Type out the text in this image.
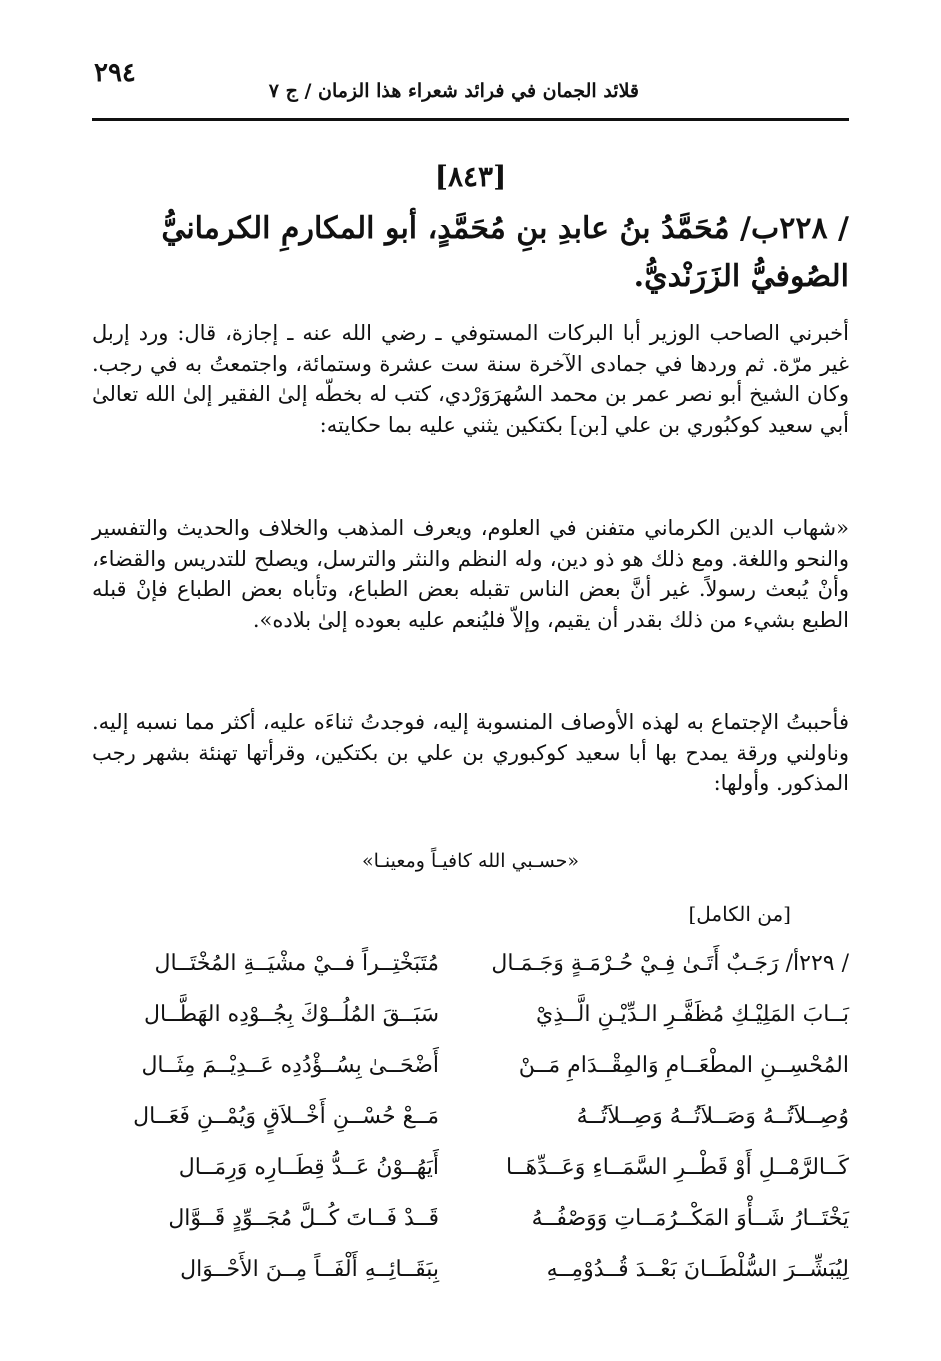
قلائد الجمان في فرائد شعراء هذا الزمان / ج ٧
٢٩٤
[٨٤٣]
/ ٢٢٨ب/ مُحَمَّدُ بنُ عابدِ بنِ مُحَمَّدٍ، أبو المكارمِ الكرمانيُّ
الصُوفيُّ الزَرَنْديُّ.
أخبرني الصاحب الوزير أبا البركات المستوفي ـ رضي الله عنه ـ إجازة، قال: ورد إربل غير مرّة. ثم وردها في جمادى الآخرة سنة ست عشرة وستمائة، واجتمعتُ به في رجب. وكان الشيخ أبو نصر عمر بن محمد السُهرَوَرْدي، كتب له بخطّه إلىٰ الفقير إلىٰ الله تعالىٰ أبي سعيد كوكبُوري بن علي [بن] بكتكين يثني عليه بما حكايته:
«شهاب الدين الكرماني متفنن في العلوم، ويعرف المذهب والخلاف والحديث والتفسير والنحو واللغة. ومع ذلك هو ذو دين، وله النظم والنثر والترسل، ويصلح للتدريس والقضاء، وأنْ يُبعث رسولاً. غير أنَّ بعض الناس تقبله بعض الطباع، وتأباه بعض الطباع فإنْ قبله الطبع بشيء من ذلك بقدر أن يقيم، وإلاّ فليُنعم عليه بعوده إلىٰ بلاده».
فأحببتُ الإجتماع به لهذه الأوصاف المنسوبة إليه، فوجدتُ ثناءَه عليه، أكثر مما نسبه إليه. وناولني ورقة يمدح بها أبا سعيد كوكبوري بن علي بن بكتكين، وقرأتها تهنئة بشهر رجب المذكور. وأولها:
«حسـبي الله كافيـاً ومعينـا»
[من الكامل]
/ ٢٢٩أ/ رَجَـبٌ أَتَـىٰ فِـيْ حُـرْمَـةٍ وَجَـمَـال
مُتَبَخْتِــراً فــيْ مشْيَــةِ المُخْتَــال
بَــابَ المَلِيْـكِ مُظَفَّـرِ الـدِّيْـنِ الَّــذِيْ
سَبَــقَ المُلُــوْكَ بِجُــوْدِه الهَطَّــال
المُحْسِــنِ المطْعَــامِ وَالمِقْــدَامِ مَــنْ
أَضْحَــىٰ بِسُــؤْدُدِه عَــدِيْــمَ مِثَــال
وُصِــلاَتُــهُ وَصَــلاَتُــهُ وَصِــلاَتُــهُ
مَــعْ حُسْــنِ أَخْــلاَقٍ وَيُمْــنِ فَعَــال
كَــالرَّمْــلِ أَوْ قَطْــرِ السَّمَــاءِ وَعَــدِّهَــا
أَيَهُــوْنُ عَــدُّ قِطَــارِه وَرِمَــال
يَخْتَــارُ شَــأْوَ المَكْــرُمَــاتِ وَوَصْفُــهُ
قَــدْ فَــاتَ كُــلَّ مُجَــوِّدٍ قَــوَّال
لِيُبَشِّــرَ السُّلْطَــانَ بَعْــدَ قُــدُوْمِــهِ
بِبَقَــائِــهِ أَلْفَــاً مِــنَ الأَحْــوَال
